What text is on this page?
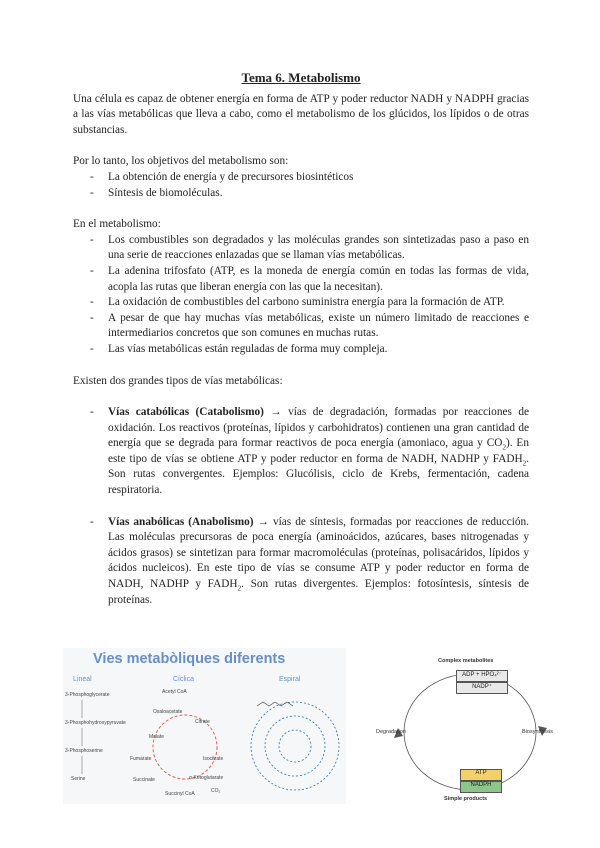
Tema 6. Metabolismo

Una célula es capaz de obtener energía en forma de ATP y poder reductor NADH y NADPH gracias a las vías metabólicas que lleva a cabo, como el metabolismo de los glúcidos, los lípidos o de otras substancias.

Por lo tanto, los objetivos del metabolismo son:

- La obtención de energía y de precursores biosintéticos
- Síntesis de biomoléculas.

En el metabolismo:

- Los combustibles son degradados y las moléculas grandes son sintetizadas paso a paso en una serie de reacciones enlazadas que se llaman vías metabólicas.
- La adenina trifosfato (ATP, es la moneda de energía común en todas las formas de vida, acopla las rutas que liberan energía con las que la necesitan).
- La oxidación de combustibles del carbono suministra energía para la formación de ATP.
- A pesar de que hay muchas vías metabólicas, existe un número limitado de reacciones e intermediarios concretos que son comunes en muchas rutas.
- Las vías metabólicas están reguladas de forma muy compleja.

Existen dos grandes tipos de vías metabólicas:

- Vías catabólicas (Catabolismo) → vías de degradación, formadas por reacciones de oxidación. Los reactivos (proteínas, lípidos y carbohidratos) contienen una gran cantidad de energía que se degrada para formar reactivos de poca energía (amoniaco, agua y $CO_2$). En este tipo de vías se obtiene ATP y poder reductor en forma de NADH, NADHP y $FADH_2$. Son rutas convergentes. Ejemplos: Glucólisis, ciclo de Krebs, fermentación, cadena respiratoria.
- Vías anabólicas (Anabolismo) → vías de síntesis, formadas por reacciones de reducción. Las moléculas precursoras de poca energía (aminoácidos, azúcares, bases nitrogenadas y ácidos grasos) se sintetizan para formar macromoléculas (proteínas, polisacáridos, lípidos y ácidos nucleicos). En este tipo de vías se consume ATP y poder reductor en forma de NADH, NADHP y $FADH_2$. Son rutas divergentes. Ejemplos: fotosíntesis, síntesis de proteínas.
Vies metabòliques diferents
Lineal
3-Phosphoglycerate
3-Phosphohydroxypyruvate
3-Phosphoserine
Serine
Cíclica
Acetyl CoA
Oxaloacetate
Citrate
Malate
Fumarate	Isocitrate
Succinate	α-Ketoglutarate
Succinyl CoA	CO₂
Espiral
Complex metabolites
Simple products
Degradation	Biosynthesis
ADP + HPO₄²⁻
NADP⁺
ATP
NADPH
